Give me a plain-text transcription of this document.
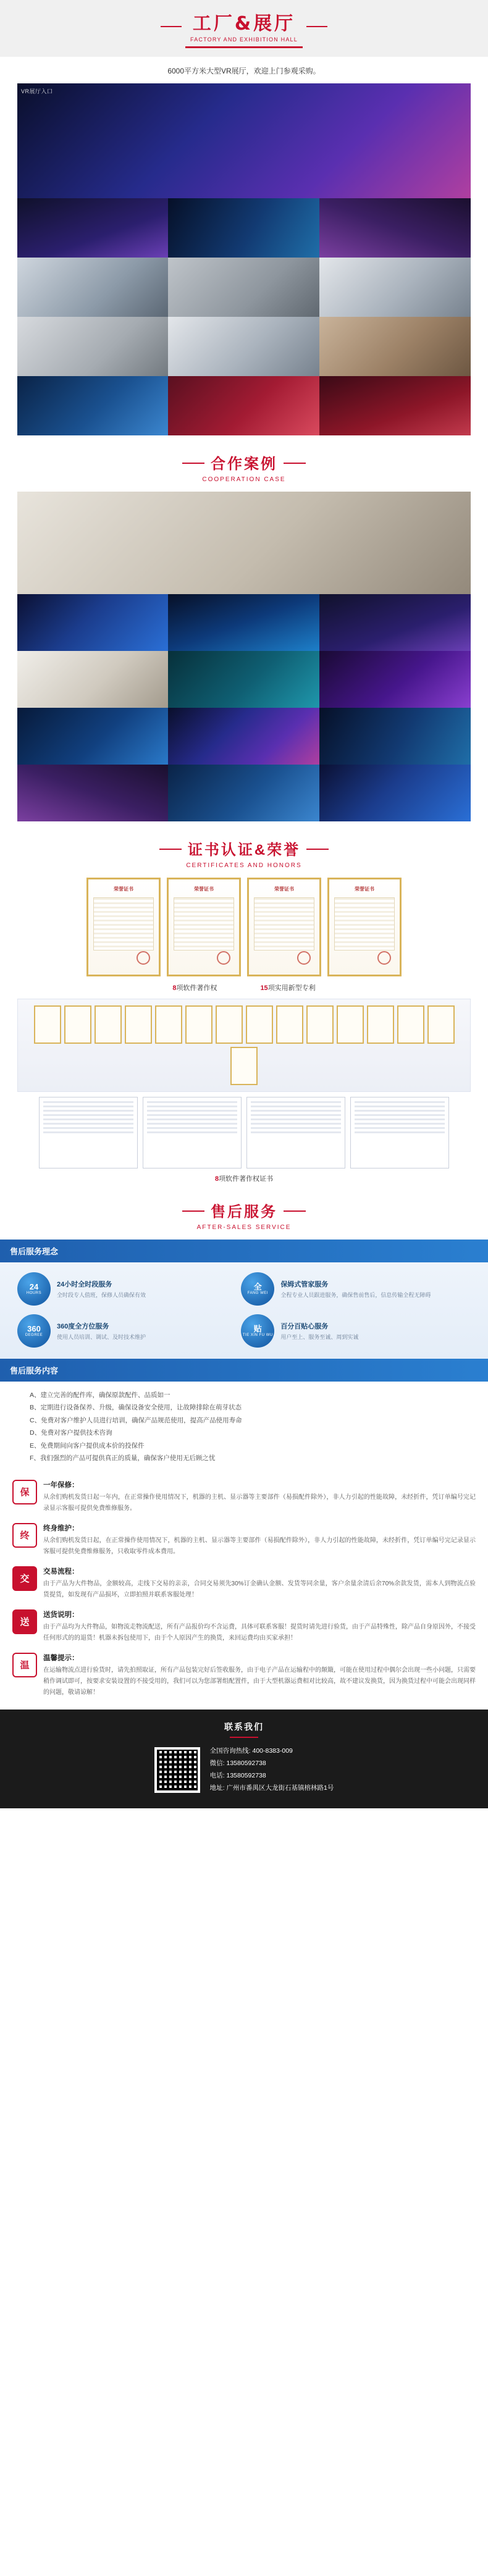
工厂&展厅
FACTORY AND EXHIBITION HALL
6000平方米大型VR展厅，欢迎上门参观采购。
VR展厅入口
合作案例
COOPERATION CASE
证书认证&荣誉
CERTIFICATES AND HONORS
荣誉证书	荣誉证书	荣誉证书	荣誉证书
8项软件著作权	15项实用新型专利
8项软件著作权证书
售后服务
AFTER-SALES SERVICE
售后服务理念
24
HOURS
24小时全时段服务
全时段专人值班，保修人员确保有效
全
FANG WEI
保姆式管家服务
全程专业人员跟进服务，确保售前售后，信息传输全程无障碍
360
DEGREE
360度全方位服务
使用人员培训、调试、及时技术维护
贴
TIE XIN FU WU
百分百贴心服务
用户至上、服务至诚、周到实诚
售后服务内容
A、建立完善的配件库，确保原款配件、品质如一
B、定期进行设备保养、升级，确保设备安全使用，让故障排除在萌芽状态
C、免费对客户维护人员进行培训，确保产品规范使用，提高产品使用寿命
D、免费对客户提供技术咨询
E、免费期间向客户提供成本价的投保件
F、我们强烈的产品可提供真正的质量，确保客户使用无后顾之忧
保
一年保修：
从余们购机发货日起一年内，在正常操作使用情况下，机器的主机、显示器等主要部件（易损配件除外），非人力引起的性能故障，未经折件，凭订单编号完记录显示客服可提供免费维修服务。
终
终身维护：
从余们购机发货日起，在正常操作使用情况下，机器的主机、显示器等主要部件（易损配件除外），非人力引起的性能故障，未经折件，凭订单编号完记录显示客服可提供免费维修服务，只收取零件成本费用。
交
交易流程：
由于产品为大件物品，金额较高，走线下交易的亲亲，合同交易须先30%订金确认金额、发货等同余量，客户余量余清后余70%余款发货，需本人到物流点验货提货，如发现有产品损坏，立即拍照并联系客服处理！
送
送货说明：
由于产品均为大件物品，如物流走物流配送，所有产品报价均不含运费，具体可联系客服！提货时请先进行验货，由于产品特殊性，除产品自身原因外，不接受任何形式的的退货！机器未拆包使用下，由于个人原因产生的换货，来回运费均由买家承担！
温
温馨提示：
在运输物流点进行验货时，请先拍照取证，所有产品包装完好后签收服务，由于电子产品在运输程中的颠簸，可能在使用过程中偶尔会出现一些小问题，只需要稍作调试即可，按要求安装设置的不接受用的，我们可以为您部署组配置件，由于大型机器运费相对比较高，故不建议发换货，因为换货过程中可能会出现同样的问题，敬请谅解！
联系我们
全国咨询热线: 400-8383-009
微信: 13580592738
电话: 13580592738
地址: 广州市番禺区大龙街石基镇榕林路1号
